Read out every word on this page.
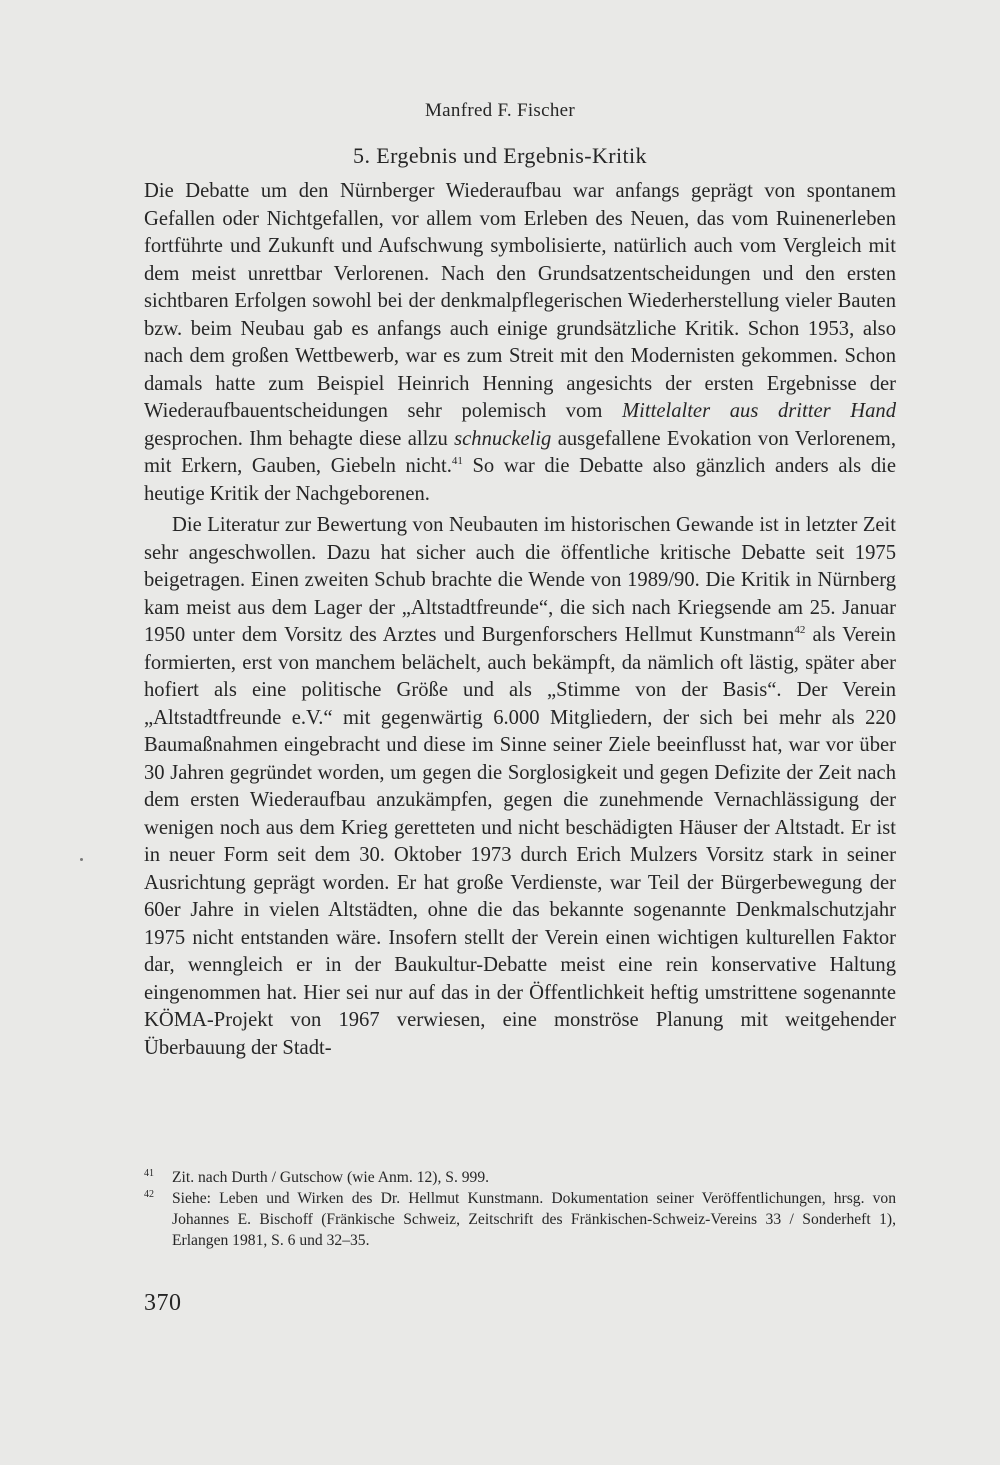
Manfred F. Fischer
5. Ergebnis und Ergebnis-Kritik

Die Debatte um den Nürnberger Wiederaufbau war anfangs geprägt von spontanem Gefallen oder Nichtgefallen, vor allem vom Erleben des Neuen, das vom Ruinenerleben fortführte und Zukunft und Aufschwung symbolisierte, natürlich auch vom Vergleich mit dem meist unrettbar Verlorenen. Nach den Grundsatzentscheidungen und den ersten sichtbaren Erfolgen sowohl bei der denkmalpflegerischen Wiederherstellung vieler Bauten bzw. beim Neubau gab es anfangs auch einige grundsätzliche Kritik. Schon 1953, also nach dem großen Wettbewerb, war es zum Streit mit den Modernisten gekommen. Schon damals hatte zum Beispiel Heinrich Henning angesichts der ersten Ergebnisse der Wiederaufbauentscheidungen sehr polemisch vom Mittelalter aus dritter Hand gesprochen. Ihm behagte diese allzu schnuckelig ausgefallene Evokation von Verlorenem, mit Erkern, Gauben, Giebeln nicht.$^{41}$ So war die Debatte also gänzlich anders als die heutige Kritik der Nachgeborenen.

Die Literatur zur Bewertung von Neubauten im historischen Gewande ist in letzter Zeit sehr angeschwollen. Dazu hat sicher auch die öffentliche kritische Debatte seit 1975 beigetragen. Einen zweiten Schub brachte die Wende von 1989/90. Die Kritik in Nürnberg kam meist aus dem Lager der „Altstadtfreunde“, die sich nach Kriegsende am 25. Januar 1950 unter dem Vorsitz des Arztes und Burgenforschers Hellmut Kunstmann$^{42}$ als Verein formierten, erst von manchem belächelt, auch bekämpft, da nämlich oft lästig, später aber hofiert als eine politische Größe und als „Stimme von der Basis“. Der Verein „Altstadtfreunde e.V.“ mit gegenwärtig 6.000 Mitgliedern, der sich bei mehr als 220 Baumaßnahmen eingebracht und diese im Sinne seiner Ziele beeinflusst hat, war vor über 30 Jahren gegründet worden, um gegen die Sorglosigkeit und gegen Defizite der Zeit nach dem ersten Wiederaufbau anzukämpfen, gegen die zunehmende Vernachlässigung der wenigen noch aus dem Krieg geretteten und nicht beschädigten Häuser der Altstadt. Er ist in neuer Form seit dem 30. Oktober 1973 durch Erich Mulzers Vorsitz stark in seiner Ausrichtung geprägt worden. Er hat große Verdienste, war Teil der Bürgerbewegung der 60er Jahre in vielen Altstädten, ohne die das bekannte sogenannte Denkmalschutzjahr 1975 nicht entstanden wäre. Insofern stellt der Verein einen wichtigen kulturellen Faktor dar, wenngleich er in der Baukultur-Debatte meist eine rein konservative Haltung eingenommen hat. Hier sei nur auf das in der Öffentlichkeit heftig umstrittene sogenannte KÖMA-Projekt von 1967 verwiesen, eine monströse Planung mit weitgehender Überbauung der Stadt-

41 Zit. nach Durth / Gutschow (wie Anm. 12), S. 999.

42 Siehe: Leben und Wirken des Dr. Hellmut Kunstmann. Dokumentation seiner Veröffentlichungen, hrsg. von Johannes E. Bischoff (Fränkische Schweiz, Zeitschrift des Fränkischen-Schweiz-Vereins 33 / Sonderheft 1), Erlangen 1981, S. 6 und 32–35.

370
